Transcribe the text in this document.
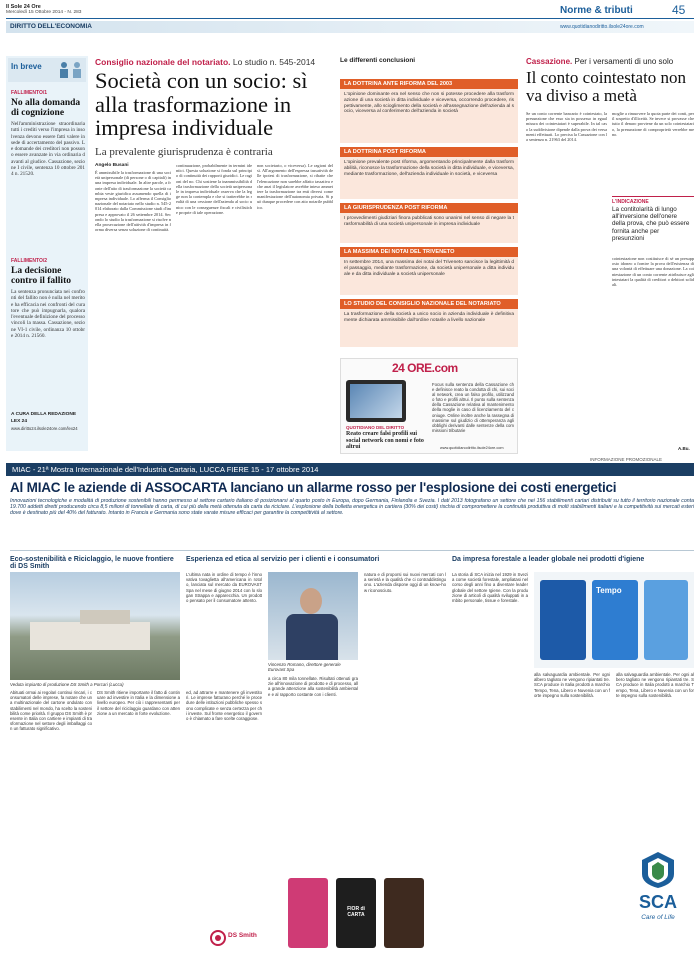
Il Sole 24 Ore
Mercoledì 15 Ottobre 2014 - N. 283	Norme & tributi	45
DIRITTO DELL'ECONOMIA	www.quotidianodiritto.ilsole24ore.com
In breve
FALLIMENTO/1
No alla domanda di cognizione
Nell'amministrazione straordinaria tutti i crediti verso l'impresa in insolvenza devono essere fatti valere in sede di accertamento del passivo. Le domande dei creditori non possono essere avanzate in via ordinaria davanti al giudice. Cassazione, sezione I civile, sentenza 10 ottobre 2014 n. 21520.
FALLIMENTO/2
La decisione contro il fallito
La sentenza pronunciata nei confronti del fallito non è nulla nel merito e ha efficacia nei confronti del curatore che può impugnarla, qualora l'eventuale definizione del processo vincoli la massa. Cassazione, sezione VI-1 civile, ordinanza 10 ottobre 2014 n. 21560.
A CURA DELLA REDAZIONE
LEX 24
www.diritto24.ilsole24ore.com/lex24
Consiglio nazionale del notariato. Lo studio n. 545-2014
Società con un socio: sì alla trasformazione in impresa individuale
La prevalente giurisprudenza è contraria
Angelo Busani
È ammissibile la trasformazione di una società unipersonale (di persone o di capitali) in una impresa individuale. In altre parole, a fronte dell'atto di trasformazione la società cambia veste giuridica assumendo quella di impresa individuale. Lo afferma il Consiglio nazionale del notariato nello studio n. 545-2014 elaborato dalla Commissione studi d'impresa e approvato il 26 settembre 2014. Secondo lo studio la trasformazione si risolve nella prosecuzione dell'attività d'impresa in forma diversa senza soluzione di continuità.
continuazione, probabilmente in termini identici. Questa soluzione si fonda sul principio di continuità dei rapporti giuridici. Le ragioni del no. Chi sostiene la inammissibilità della trasformazione della società unipersonale in impresa individuale osserva che la legge non la contempla e che si tratterebbe in realtà di una cessione dell'azienda al socio unico con le conseguenze fiscali e civilistiche proprie di tale operazione.
non societario, o viceversa). Le ragioni del sì. All'argomento dell'espressa tassatività delle ipotesi di trasformazione, si ribatte che l'elencazione non sarebbe affatto tassativa e che anzi il legislatore avrebbe inteso ammettere la trasformazione tra enti diversi come manifestazione dell'autonomia privata. Si può dunque procedere con atto notarile pubblico.
Le differenti conclusioni
LA DOTTRINA ANTE RIFORMA DEL 2003
L'opinione dominante era nel senso che non si potesse procedere alla trasformazione di una società in ditta individuale e viceversa, occorrendo procedere, rispettivamente, allo scioglimento della società e all'assegnazione dell'azienda al socio, viceversa al conferimento dell'azienda in società
LA DOTTRINA POST RIFORMA
L'opinione prevalente post riforma, argomentando principalmente dalla trasformabilità, riconosce la trasformazione della società in ditta individuale, e viceversa, mediante trasformazione, dell'azienda individuale in società, e viceversa
LA GIURISPRUDENZA POST RIFORMA
I provvedimenti giudiziari finora pubblicati sono unanimi nel senso di negare la trasformabilità di una società unipersonale in impresa individuale
LA MASSIMA DEI NOTAI DEL TRIVENETO
In settembre 2014, una massima dei notai del Triveneto sancisce la legittimità del passaggio, mediante trasformazione, da società unipersonale a ditta individuale e da ditta individuale a società unipersonale
LO STUDIO DEL CONSIGLIO NAZIONALE DEL NOTARIATO
La trasformazione della società a unico socio in azienda individuale è definitivamente dichiarata ammissibile dall'ordine notarile a livello nazionale
24 ORE.com
QUOTIDIANO DEL DIRITTO
Reato creare falsi profili sui social network con nomi e foto altrui
Focus sulla sentenza della Cassazione che definisce reato la condotta di chi, sui social network, crea un falso profilo, utilizzando foto e profili altrui. Il punto sulla sentenza della Cassazione relativa al mantenimento della moglie in caso di licenziamento del coniuge. Online inoltre anche la rassegna di massime sul giudizio di ottemperanza agli obblighi derivanti dalle sentenze della commissioni tributarie
www.quotidianodiritto.ilsole24ore.com
Cassazione. Per i versamenti di uno solo
Il conto cointestato non va diviso a metà
Se un conto corrente bancario è cointestato, la presunzione che esso sia in possesso in egual misura dei cointestatari è superabile. In tal caso la suddivisione dipende dalla prova dei versamenti effettuati. Lo precisa la Cassazione con la sentenza n. 21963 del 2014.
moglie a rimuovere la quota parte dei conti, per il sospetto d'illiceità. Se invece si provasse che tutto il denaro proviene da un solo cointestatario, la presunzione di comproprietà verrebbe meno.
L'INDICAZIONE
La contitolarità di lungo all'inversione dell'onere della prova, che può essere fornita anche per presunzioni
cointestazione non costituisce di sé un presupposto idoneo a fornire la prova dell'esistenza di una volontà di effettuare una donazione. La cointestazione di un conto corrente attribuisce agli intestatari la qualità di creditori o debitori solidali.
A.Bu.
INFORMAZIONE PROMOZIONALE
MIAC - 21ª Mostra Internazionale dell'Industria Cartaria, LUCCA FIERE 15 - 17 ottobre 2014
Al MIAC le aziende di ASSOCARTA lanciano un allarme rosso per l'esplosione dei costi energetici
Innovazioni tecnologiche e modalità di produzione sostenibili hanno permesso al settore cartario italiano di posizionarsi al quarto posto in Europa, dopo Germania, Finlandia e Svezia. I dati 2013 fotografano un settore che nei 156 stabilimenti cartari distribuiti su tutto il territorio nazionale conta 19.700 addetti diretti producendo circa 8,5 milioni di tonnellate di carta, di cui più della metà ottenuta da carta da riciclare. L'esplosione della bolletta energetica in cartiera (30% dei costi) rischia di compromettere la continuità produttiva di molti stabilimenti italiani e la competitività sui mercati esteri dove è destinato più del 40% del fatturato. Intanto in Francia e Germania sono state varate misure efficaci per garantire la competitività al settore.
Eco-sostenibilità e Riciclaggio, le nuove frontiere di DS Smith
Veduta impianto di produzione DS Smith a Porcari (Lucca)
Abituati ormai ai regolari continui rincari, i consumatori delle imprese, fa notare che una multinazionale del cartone ondulato con stabilimenti nel mondo, ha scelto la sostenibilità come priorità. Il gruppo DS Smith è presente in Italia con cartiere e impianti di trasformazione nel settore degli imballaggi con un fatturato significativo.
DS Smith ritiene importante il fatto di continuare ad investire in Italia e la dimensione a livello europeo. Per ciò i rappresentanti per il settore del riciclaggio guardano con attenzione a un mercato in forte evoluzione.
ed, ad attrarre e mantenere gli investitori. Le imprese fatturano perché le procedure delle istituzioni pubbliche spesso sono complicate e senza certezza per chi investe. Sul fronte energetico il governo è chiamato a fare scelte coraggiose.
DS Smith
Esperienza ed etica al servizio per i clienti e i consumatori
L'ultima nata in ordine di tempo è l'innovativa tovaglietta all'americana in rotolo, lanciata sul mercato da EUROVAST Spa nel mese di giugno 2014 con lo slogan Strappa e apparecchia. Un prodotto pensato per il consumatore attento.
Vincenzo Romano, direttore generale Eurovast Spa
a circa 80 mila tonnellate. Risultati ottenuti grazie all'innovazione di prodotto e di processo, alla grande attenzione alla sostenibilità ambientale e al rapporto costante con i clienti.
natura e di proporsi sui nuovi mercati con la serietà e la qualità che ci contraddistinguono. L'azienda dispone oggi di un know-how riconosciuto.
FIOR di CARTA
Da impresa forestale a leader globale nei prodotti d'igiene
La storia di SCA inizia nel 1929 in Svezia come società forestale, ampliatasi nel corso degli anni fino a diventare leader globale del settore Igiene. Con la produzione di articoli di qualità sviluppati in ambito personale, tissue e forestale.
Tempo
alla salvaguardia ambientale. Per ogni albero tagliato ne vengono ripiantati tre. SCA produce in Italia prodotti a marchio Tempo, Tena, Libero e Nuvenia con un forte impegno sulla sostenibilità.
alla salvaguardia ambientale. Per ogni albero tagliato ne vengono ripiantati tre. SCA produce in Italia prodotti a marchio Tempo, Tena, Libero e Nuvenia con un forte impegno sulla sostenibilità.
SCA
Care of Life
